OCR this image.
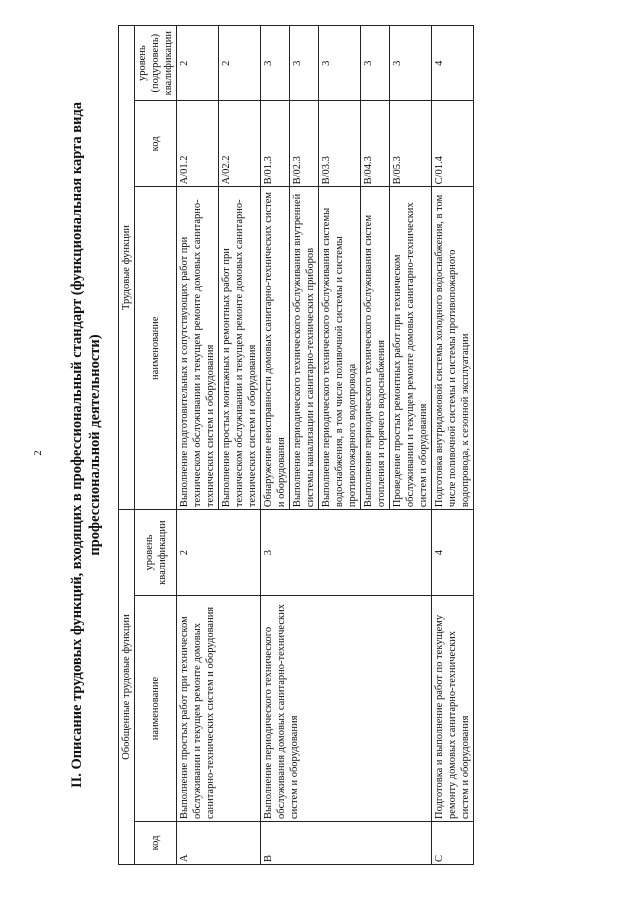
2	II. Описание трудовых функций, входящих в профессиональный стандарт (функциональная карта вида профессиональной деятельности)
Обобщенные трудовые функции			Трудовые функции		
код	наименование	уровень квалификации	наименование	код	уровень (подуровень) квалификации
A	Выполнение простых работ при техническом обслуживании и текущем ремонте домовых санитарно-технических систем и оборудования	2	Выполнение подготовительных и сопутствующих работ при техническом обслуживании и текущем ремонте домовых санитарно-технических систем и оборудования	A/01.2	2
			Выполнение простых монтажных и ремонтных работ при техническом обслуживании и текущем ремонте домовых санитарно-технических систем и оборудования	A/02.2	2
B	Выполнение периодического технического обслуживания домовых санитарно-технических систем и оборудования	3	Обнаружение неисправности домовых санитарно-технических систем и оборудования	B/01.3	3
			Выполнение периодического технического обслуживания внутренней системы канализации и санитарно-технических приборов	B/02.3	3
			Выполнение периодического технического обслуживания системы водоснабжения, в том числе поливочной системы и системы противопожарного водопровода	B/03.3	3
			Выполнение периодического технического обслуживания систем отопления и горячего водоснабжения	B/04.3	3
			Проведение простых ремонтных работ при техническом обслуживании и текущем ремонте домовых санитарно-технических систем и оборудования	B/05.3	3
C	Подготовка и выполнение работ по текущему ремонту домовых санитарно-технических систем и оборудования	4	Подготовка внутридомовой системы холодного водоснабжения, в том числе поливочной системы и системы противопожарного водопровода, к сезонной эксплуатации	C/01.4	4
